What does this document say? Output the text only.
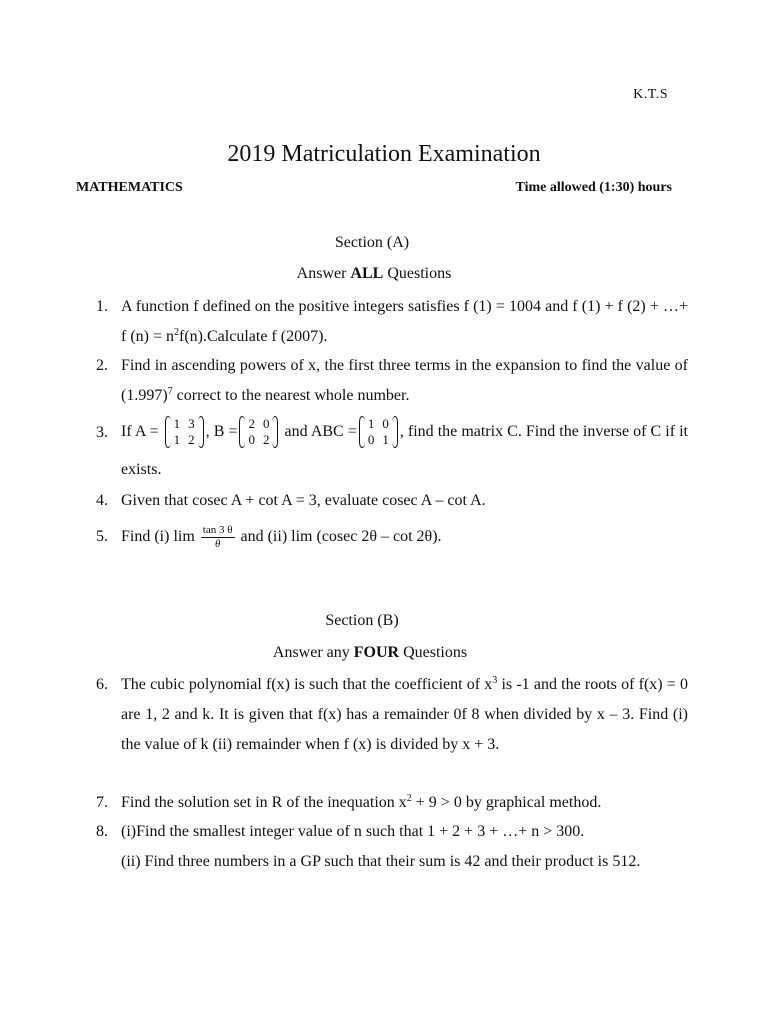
K.T.S
2019 Matriculation Examination
MATHEMATICS	Time allowed (1:30) hours
Section (A)
Answer ALL Questions
1. A function f defined on the positive integers satisfies f (1) = 1004 and f (1) + f (2) + …+ f $(n) = n^2f(n).Calculate$ f (2007).
2. Find in ascending powers of x, the first three terms in the expansion to find the value of $(1.997)^7$ correct to the nearest whole number.
3. If A = 1	3
1	2 , B = 2	0
0	2 and ABC = 1	0
0	1 , find the matrix C. Find the inverse of C if it exists.
4. Given that cosec A + cot A = 3, evaluate cosec A – cot A.
5. Find (i) $\lim \frac{\tan 3 \theta}{\theta}$ and (ii) lim (cosec 2θ – cot 2θ).
Section (B)
Answer any FOUR Questions
6. The cubic polynomial f(x) is such that the coefficient of $x^3$ is -1 and the roots of f(x) = 0 are 1, 2 and k. It is given that f(x) has a remainder 0f 8 when divided by x – 3. Find (i) the value of k (ii) remainder when f (x) is divided by x + 3.
7. Find the solution set in R of the inequation $x^2 + 9 > 0$ by graphical method.
8. (i)Find the smallest integer value of n such that 1 + 2 + 3 + …+ n > 300.
(ii) Find three numbers in a GP such that their sum is 42 and their product is 512.
